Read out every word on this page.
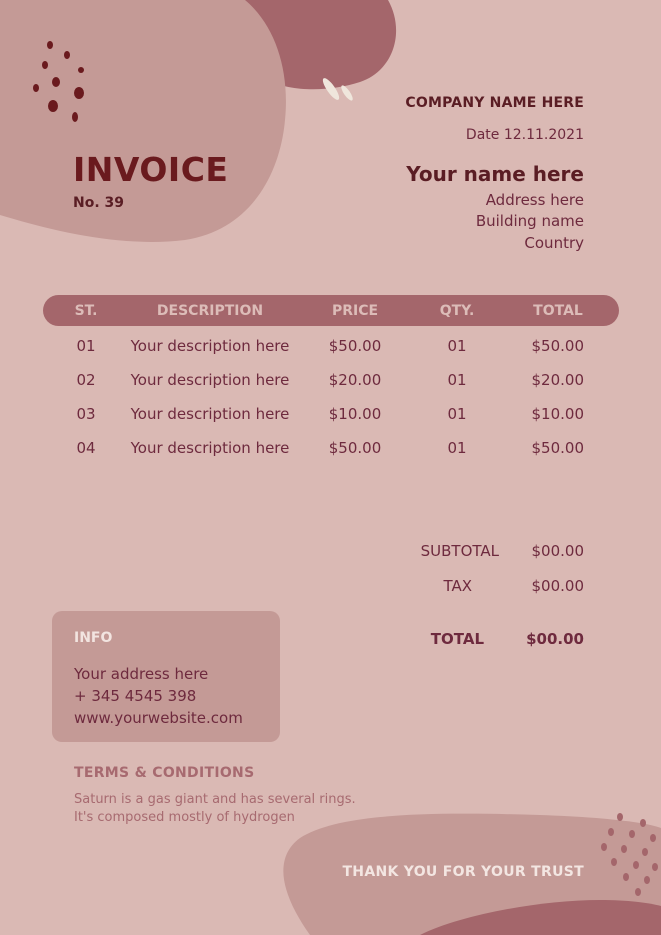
COMPANY NAME HERE
Date 12.11.2021
INVOICE
No. 39
Your name here
Address here
Building name
Country
ST.	DESCRIPTION	PRICE	QTY.	TOTAL
01 Your description here	$50.00	01	$50.00
02 Your description here	$20.00	01	$20.00
03 Your description here	$10.00	01	$10.00
04 Your description here	$50.00	01	$50.00
SUBTOTAL $00.00
TAX	$00.00
TOTAL	$00.00
INFO
Your address here
+ 345 4545 398
www.yourwebsite.com
TERMS & CONDITIONS
Saturn is a gas giant and has several rings.
It's composed mostly of hydrogen
THANK YOU FOR YOUR TRUST
